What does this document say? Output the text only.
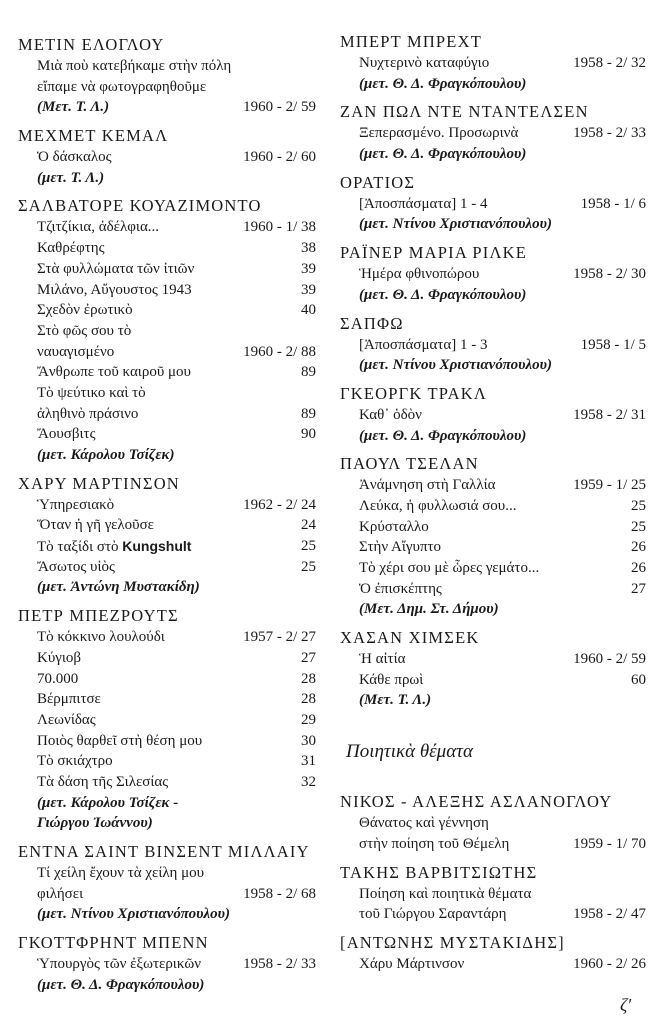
ΜΕΤΙΝ ΕΛΟΓΛΟΥ
Μιὰ ποὺ κατεβήκαμε στὴν πόλη
εἴπαμε νὰ φωτογραφηθοῦμε
(Μετ. Τ. Λ.)	1960 - 2/ 59
ΜΕΧΜΕΤ ΚΕΜΑΛ
Ὁ δάσκαλος	1960 - 2/ 60
(μετ. Τ. Λ.)
ΣΑΛΒΑΤΟΡΕ ΚΟΥΑΖΙΜΟΝΤΟ
Τζιτζίκια, ἀδέλφια...	1960 - 1/ 38
Καθρέφτης	38
Στὰ φυλλώματα τῶν ἰτιῶν	39
Μιλάνο, Αὔγουστος 1943	39
Σχεδὸν ἐρωτικὸ	40
Στὸ φῶς σου τὸ
ναυαγισμένο	1960 - 2/ 88
Ἄνθρωπε τοῦ καιροῦ μου	89
Τὸ ψεύτικο καὶ τὸ
ἀληθινὸ πράσινο	89
Ἄουσβιτς	90
(μετ. Κάρολου Τσίζεκ)
ΧΑΡΥ ΜΑΡΤΙΝΣΟΝ
Ὑπηρεσιακὸ	1962 - 2/ 24
Ὅταν ἡ γῆ γελοῦσε	24
Τὸ ταξίδι στὸ Kungshult	25
Ἄσωτος υἱὸς	25
(μετ. Ἀντώνη Μυστακίδη)
ΠΕΤΡ ΜΠΕΖΡΟΥΤΣ
Τὸ κόκκινο λουλούδι	1957 - 2/ 27
Κύγιοβ	27
70.000	28
Βέρμπιτσε	28
Λεωνίδας	29
Ποιὸς θαρθεῖ στὴ θέση μου	30
Τὸ σκιάχτρο	31
Τὰ δάση τῆς Σιλεσίας	32
(μετ. Κάρολου Τσίζεκ -
Γιώργου Ἰωάννου)
ΕΝΤΝΑ ΣΑΙΝΤ ΒΙΝΣΕΝΤ ΜΙΛΛΑΙΥ
Τί χείλη ἔχουν τὰ χείλη μου
φιλήσει	1958 - 2/ 68
(μετ. Ντίνου Χριστιανόπουλου)
ΓΚΟΤΤΦΡΗΝΤ ΜΠΕΝΝ
Ὑπουργὸς τῶν ἐξωτερικῶν	1958 - 2/ 33
(μετ. Θ. Δ. Φραγκόπουλου)
ΜΠΕΡΤ ΜΠΡΕΧΤ
Νυχτερινὸ καταφύγιο	1958 - 2/ 32
(μετ. Θ. Δ. Φραγκόπουλου)
ΖΑΝ ΠΩΛ ΝΤΕ ΝΤΑΝΤΕΛΣΕΝ
Ξεπερασμένο. Προσωρινὰ	1958 - 2/ 33
(μετ. Θ. Δ. Φραγκόπουλου)
ΟΡΑΤΙΟΣ
[Ἀποσπάσματα] 1 - 4	1958 - 1/ 6
(μετ. Ντίνου Χριστιανόπουλου)
ΡΑΪΝΕΡ ΜΑΡΙΑ ΡΙΛΚΕ
Ἡμέρα φθινοπώρου	1958 - 2/ 30
(μετ. Θ. Δ. Φραγκόπουλου)
ΣΑΠΦΩ
[Ἀποσπάσματα] 1 - 3	1958 - 1/ 5
(μετ. Ντίνου Χριστιανόπουλου)
ΓΚΕΟΡΓΚ ΤΡΑΚΛ
Καθ᾽ ὁδὸν	1958 - 2/ 31
(μετ. Θ. Δ. Φραγκόπουλου)
ΠΑΟΥΛ ΤΣΕΛΑΝ
Ἀνάμνηση στὴ Γαλλία	1959 - 1/ 25
Λεύκα, ἡ φυλλωσιά σου...	25
Κρύσταλλο	25
Στὴν Αἴγυπτο	26
Τὸ χέρι σου μὲ ὧρες γεμάτο...	26
Ὁ ἐπισκέπτης	27
(Μετ. Δημ. Στ. Δήμου)
ΧΑΣΑΝ ΧΙΜΣΕΚ
Ἡ αἰτία	1960 - 2/ 59
Κάθε πρωὶ	60
(Μετ. Τ. Λ.)
Ποιητικὰ θέματα
ΝΙΚΟΣ - ΑΛΕΞΗΣ ΑΣΛΑΝΟΓΛΟΥ
Θάνατος καὶ γέννηση
στὴν ποίηση τοῦ Θέμελη	1959 - 1/ 70
ΤΑΚΗΣ ΒΑΡΒΙΤΣΙΩΤΗΣ
Ποίηση καὶ ποιητικὰ θέματα
τοῦ Γιώργου Σαραντάρη	1958 - 2/ 47
[ΑΝΤΩΝΗΣ ΜΥΣΤΑΚΙΔΗΣ]
Χάρυ Μάρτινσον	1960 - 2/ 26
ζ′
